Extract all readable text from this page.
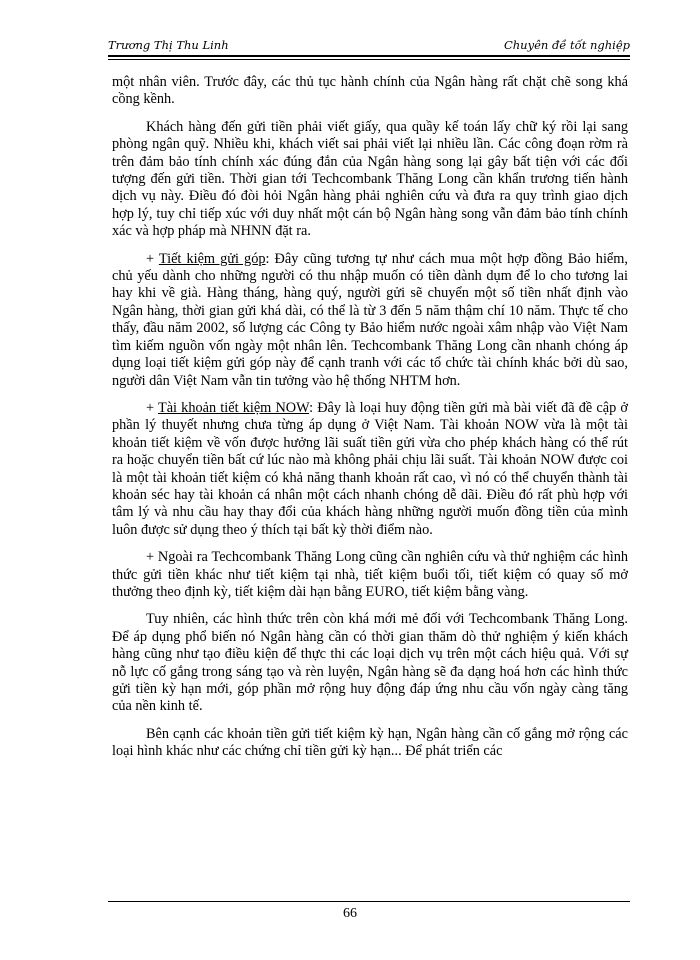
Trương Thị Thu Linh	Chuyên đề tốt nghiệp

một nhân viên. Trước đây, các thủ tục hành chính của Ngân hàng rất chặt chẽ song khá cồng kềnh.

Khách hàng đến gửi tiền phải viết giấy, qua quầy kế toán lấy chữ ký rồi lại sang phòng ngân quỹ. Nhiều khi, khách viết sai phải viết lại nhiều lần. Các công đoạn rờm rà trên đảm bảo tính chính xác đúng đắn của Ngân hàng song lại gây bất tiện với các đối tượng đến gửi tiền. Thời gian tới Techcombank Thăng Long cần khẩn trương tiến hành dịch vụ này. Điều đó đòi hỏi Ngân hàng phải nghiên cứu và đưa ra quy trình giao dịch hợp lý, tuy chỉ tiếp xúc với duy nhất một cán bộ Ngân hàng song vẫn đảm bảo tính chính xác và hợp pháp mà NHNN đặt ra.

+ Tiết kiệm gửi góp: Đây cũng tương tự như cách mua một hợp đồng Bảo hiểm, chủ yếu dành cho những người có thu nhập muốn có tiền dành dụm để lo cho tương lai hay khi về già. Hàng tháng, hàng quý, người gửi sẽ chuyển một số tiền nhất định vào Ngân hàng, thời gian gửi khá dài, có thể là từ 3 đến 5 năm thậm chí 10 năm. Thực tế cho thấy, đầu năm 2002, số lượng các Công ty Bảo hiểm nước ngoài xâm nhập vào Việt Nam tìm kiếm nguồn vốn ngày một nhân lên. Techcombank Thăng Long cần nhanh chóng áp dụng loại tiết kiệm gửi góp này để cạnh tranh với các tổ chức tài chính khác bởi dù sao, người dân Việt Nam vẫn tin tưởng vào hệ thống NHTM hơn.

+ Tài khoản tiết kiệm NOW: Đây là loại huy động tiền gửi mà bài viết đã đề cập ở phần lý thuyết nhưng chưa từng áp dụng ở Việt Nam. Tài khoản NOW vừa là một tài khoản tiết kiệm về vốn được hưởng lãi suất tiền gửi vừa cho phép khách hàng có thể rút ra hoặc chuyển tiền bất cứ lúc nào mà không phải chịu lãi suất. Tài khoản NOW được coi là một tài khoản tiết kiệm có khả năng thanh khoản rất cao, vì nó có thể chuyển thành tài khoản séc hay tài khoản cá nhân một cách nhanh chóng dễ dãi. Điều đó rất phù hợp với tâm lý và nhu cầu hay thay đổi của khách hàng những người muốn đồng tiền của mình luôn được sử dụng theo ý thích tại bất kỳ thời điểm nào.

+ Ngoài ra Techcombank Thăng Long cũng cần nghiên cứu và thử nghiệm các hình thức gửi tiền khác như tiết kiệm tại nhà, tiết kiệm buổi tối, tiết kiệm có quay số mở thưởng theo định kỳ, tiết kiệm dài hạn bằng EURO, tiết kiệm bằng vàng.

Tuy nhiên, các hình thức trên còn khá mới mẻ đối với Techcombank Thăng Long. Để áp dụng phổ biến nó Ngân hàng cần có thời gian thăm dò thử nghiệm ý kiến khách hàng cũng như tạo điều kiện để thực thi các loại dịch vụ trên một cách hiệu quả. Với sự nỗ lực cố gắng trong sáng tạo và rèn luyện, Ngân hàng sẽ đa dạng hoá hơn các hình thức gửi tiền kỳ hạn mới, góp phần mở rộng huy động đáp ứng nhu cầu vốn ngày càng tăng của nền kinh tế.

Bên cạnh các khoản tiền gửi tiết kiệm kỳ hạn, Ngân hàng cần cố gắng mở rộng các loại hình khác như các chứng chỉ tiền gửi kỳ hạn... Để phát triển các

66
